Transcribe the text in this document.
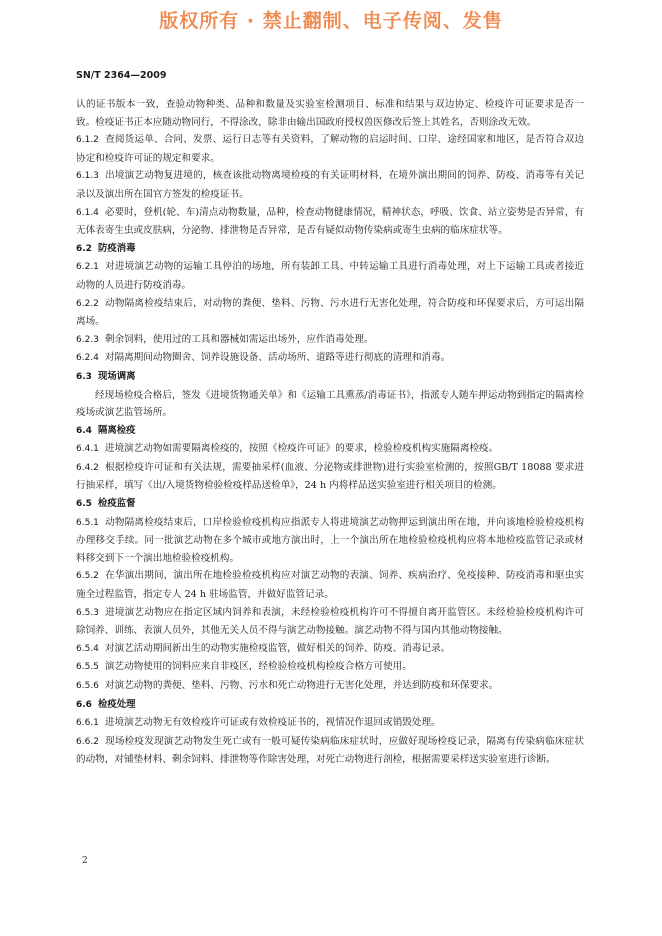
版权所有 · 禁止翻制、电子传阅、发售
SN/T 2364—2009

认的证书版本一致，查验动物种类、品种和数量及实验室检测项目、标准和结果与双边协定、检疫许可证要求是否一致。检疫证书正本应随动物同行，不得涂改，除非由输出国政府授权兽医修改后签上其姓名，否则涂改无效。

6.1.2 查阅货运单、合同、发票、运行日志等有关资料，了解动物的启运时间、口岸、途经国家和地区，是否符合双边协定和检疫许可证的规定和要求。

6.1.3 出境演艺动物复进境的，核查该批动物离境检疫的有关证明材料，在境外演出期间的饲养、防疫、消毒等有关记录以及演出所在国官方签发的检疫证书。

6.1.4 必要时，登机(轮、车)清点动物数量，品种，检查动物健康情况，精神状态，呼吸、饮食、站立姿势是否异常，有无体表寄生虫或皮肤病，分泌物、排泄物是否异常，是否有疑似动物传染病或寄生虫病的临床症状等。

6.2 防疫消毒

6.2.1 对进境演艺动物的运输工具停泊的场地，所有装卸工具、中转运输工具进行消毒处理，对上下运输工具或者接近动物的人员进行防疫消毒。

6.2.2 动物隔离检疫结束后，对动物的粪便、垫料、污物、污水进行无害化处理，符合防疫和环保要求后，方可运出隔离场。

6.2.3 剩余饲料，使用过的工具和器械如需运出场外，应作消毒处理。

6.2.4 对隔离期间动物圈舍、饲养设施设备、活动场所、道路等进行彻底的清理和消毒。

6.3 现场调离

经现场检疫合格后，签发《进境货物通关单》和《运输工具熏蒸/消毒证书》，指派专人随车押运动物到指定的隔离检疫场或演艺监管场所。

6.4 隔离检疫

6.4.1 进境演艺动物如需要隔离检疫的，按照《检疫许可证》的要求，检验检疫机构实施隔离检疫。

6.4.2 根据检疫许可证和有关法规，需要抽采样(血液、分泌物或排泄物)进行实验室检测的，按照GB/T 18088 要求进行抽采样，填写《出/入境货物检验检疫样品送检单》，24 h 内将样品送实验室进行相关项目的检测。

6.5 检疫监督

6.5.1 动物隔离检疫结束后，口岸检验检疫机构应指派专人将进境演艺动物押运到演出所在地，并向该地检验检疫机构办理移交手续。同一批演艺动物在多个城市或地方演出时，上一个演出所在地检验检疫机构应将本地检疫监管记录或材料移交到下一个演出地检验检疫机构。

6.5.2 在华演出期间，演出所在地检验检疫机构应对演艺动物的表演、饲养、疾病治疗、免疫接种、防疫消毒和驱虫实施全过程监管，指定专人 24 h 驻场监管，并做好监管记录。

6.5.3 进境演艺动物应在指定区域内饲养和表演，未经检验检疫机构许可不得擅自离开监管区。未经检验检疫机构许可除饲养、训练、表演人员外，其他无关人员不得与演艺动物接触。演艺动物不得与国内其他动物接触。

6.5.4 对演艺活动期间新出生的动物实施检疫监管，做好相关的饲养、防疫、消毒记录。

6.5.5 演艺动物使用的饲料应来自非疫区，经检验检疫机构检疫合格方可使用。

6.5.6 对演艺动物的粪便、垫料、污物、污水和死亡动物进行无害化处理，并达到防疫和环保要求。

6.6 检疫处理

6.6.1 进境演艺动物无有效检疫许可证或有效检疫证书的，视情况作退回或销毁处理。

6.6.2 现场检疫发现演艺动物发生死亡或有一般可疑传染病临床症状时，应做好现场检疫记录，隔离有传染病临床症状的动物，对铺垫材料、剩余饲料、排泄物等作除害处理，对死亡动物进行剖检，根据需要采样送实验室进行诊断。

2
